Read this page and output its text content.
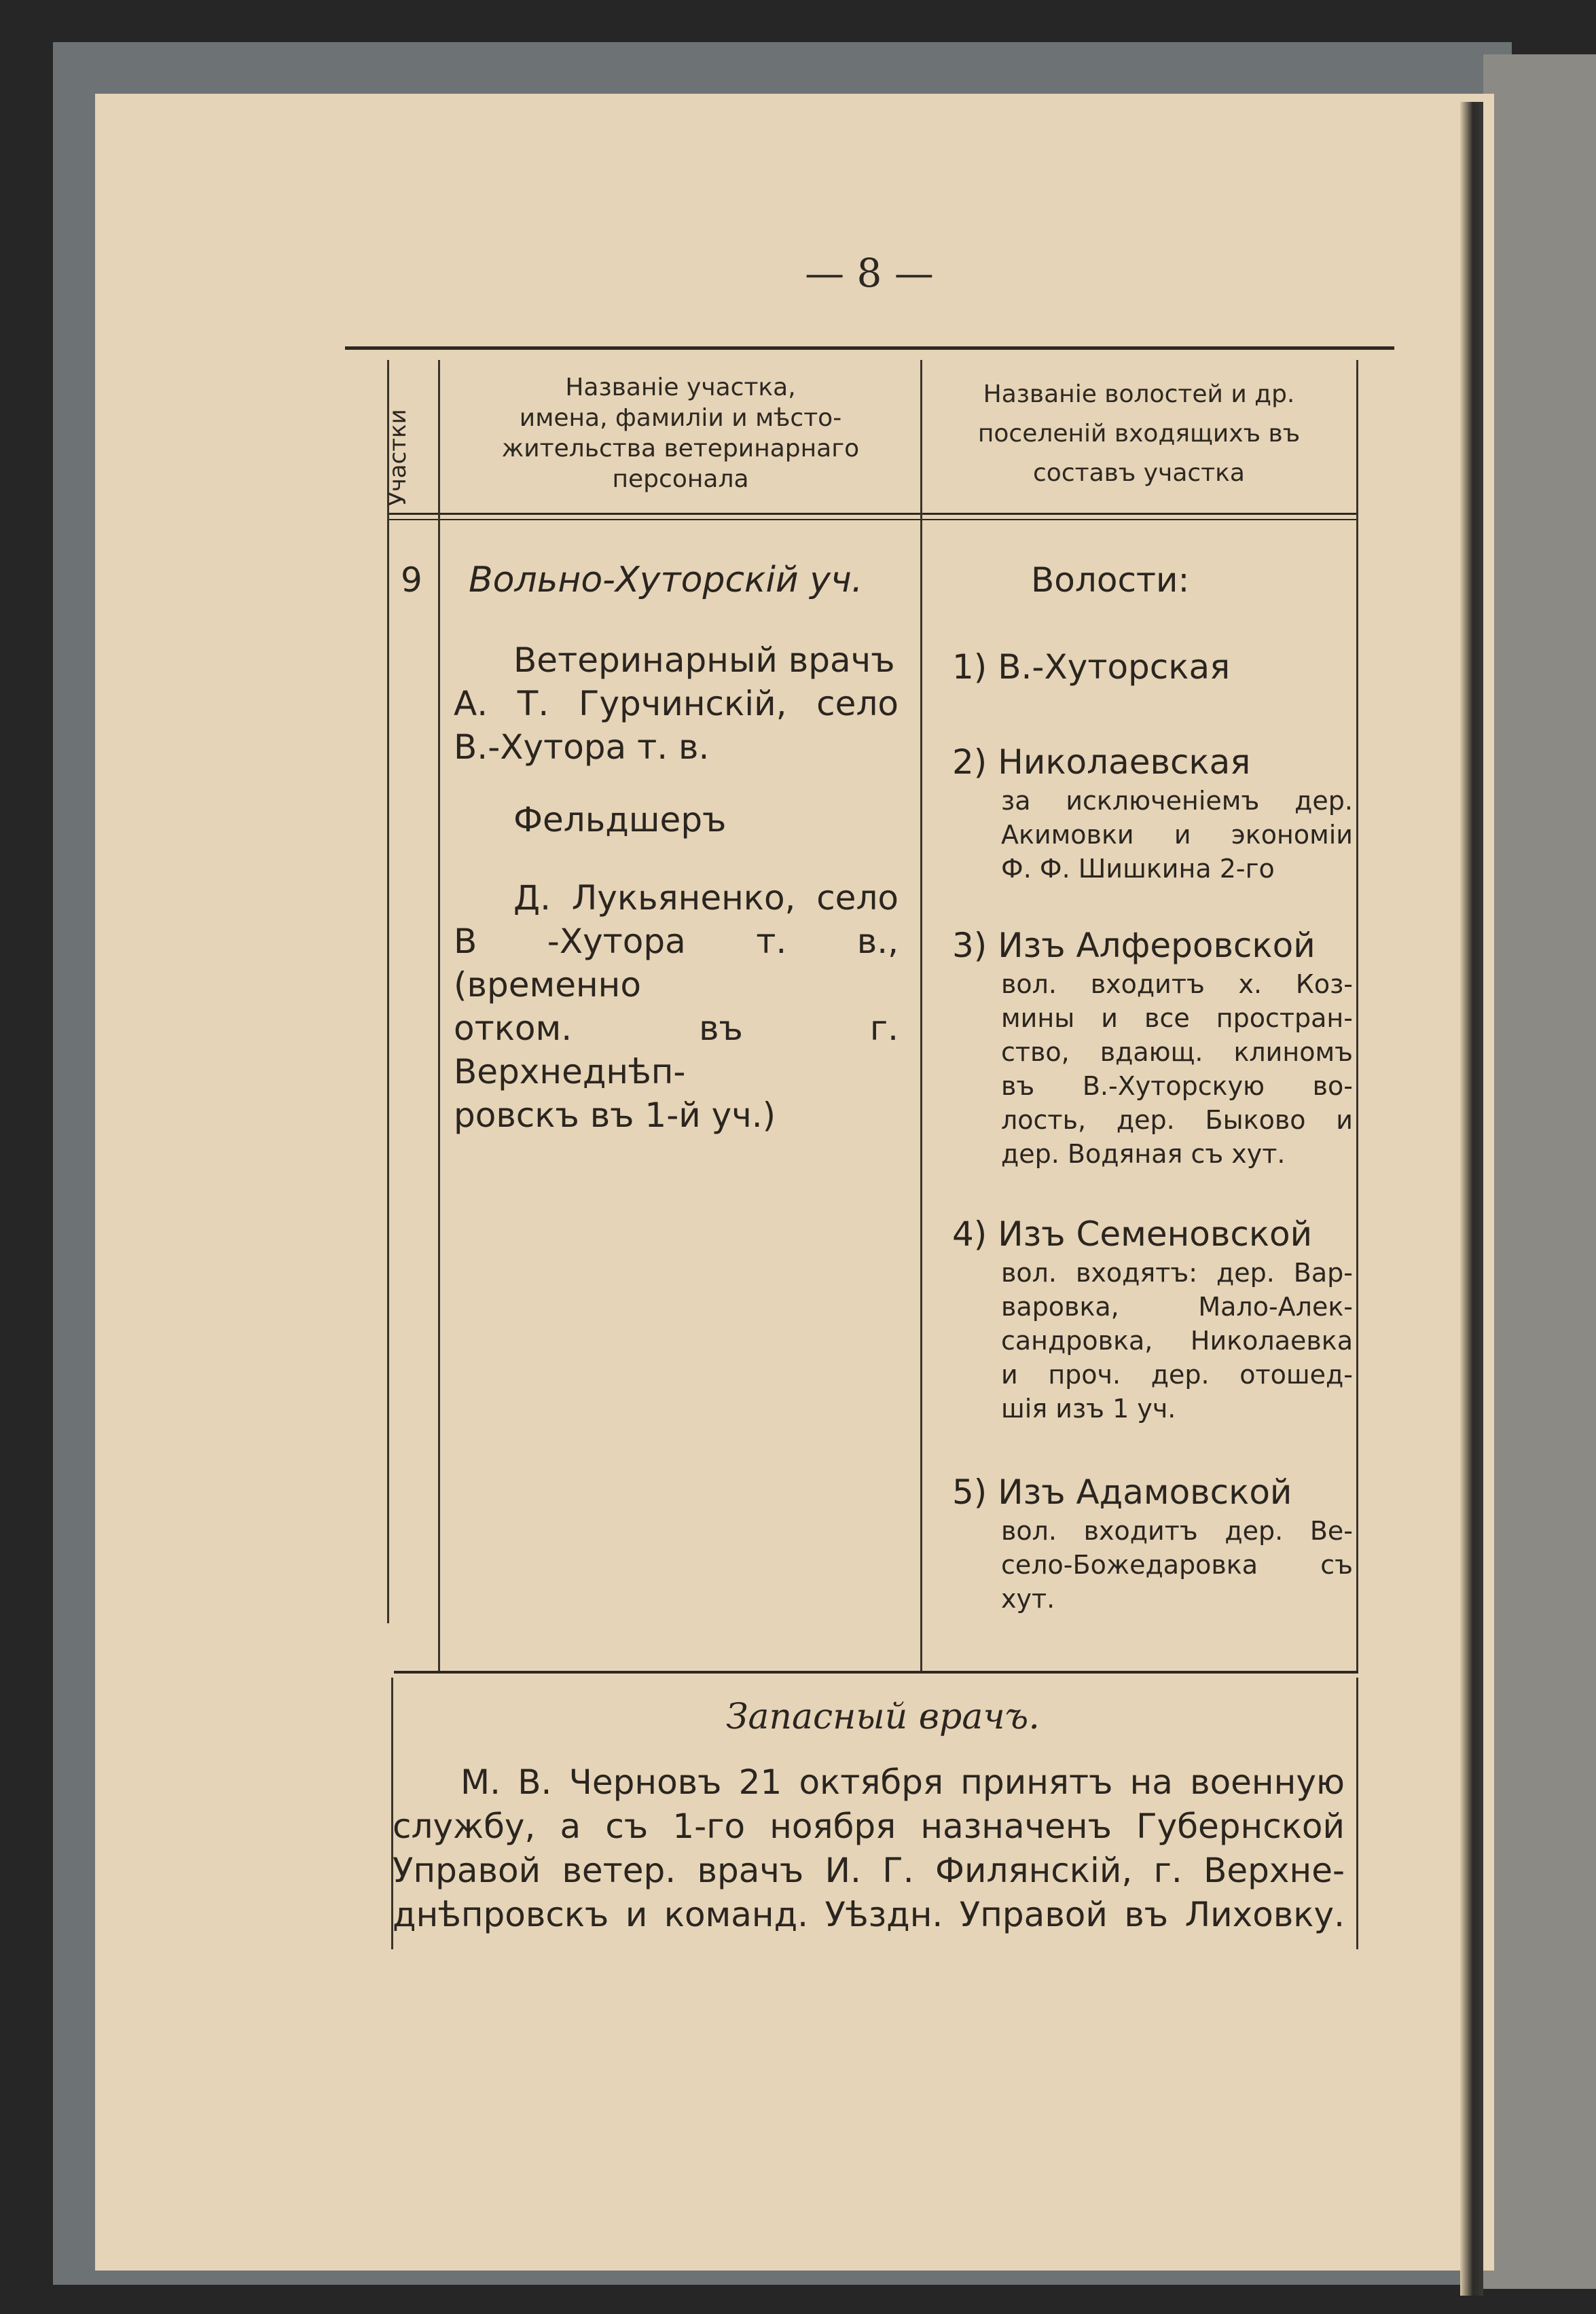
— 8 —
Участки
Названіе участка,
имена, фамиліи и мѣсто-
жительства ветеринарнаго
персонала
Названіе волостей и др.
поселеній входящихъ въ
составъ участка
9 Вольно-Хуторскій уч.
Ветеринарный врачъ
А. Т. Гурчинскій, село
В.-Хутора т. в.
Фельдшеръ
Д. Лукьяненко, село
В -Хутора т. в., (временно
отком. въ г. Верхнеднѣп-
ровскъ въ 1-й уч.)
Волости:
1) В.-Хуторская
2) Николаевская
за исключеніемъ дер.
Акимовки и экономіи
Ф. Ф. Шишкина 2-го
3) Изъ Алферовской
вол. входитъ х. Коз-
мины и все простран-
ство, вдающ. клиномъ
въ В.-Хуторскую во-
лость, дер. Быково и
дер. Водяная съ хут.
4) Изъ Семеновской
вол. входятъ: дер. Вар-
варовка, Мало-Алек-
сандровка, Николаевка
и проч. дер. отошед-
шія изъ 1 уч.
5) Изъ Адамовской
вол. входитъ дер. Ве-
село-Божедаровка съ
хут.
Запасный врачъ.
М. В. Черновъ 21 октября принятъ на военную
службу, а съ 1-го ноября назначенъ Губернской
Управой ветер. врачъ И. Г. Филянскій, г. Верхне-
днѣпровскъ и команд. Уѣздн. Управой въ Лиховку.
